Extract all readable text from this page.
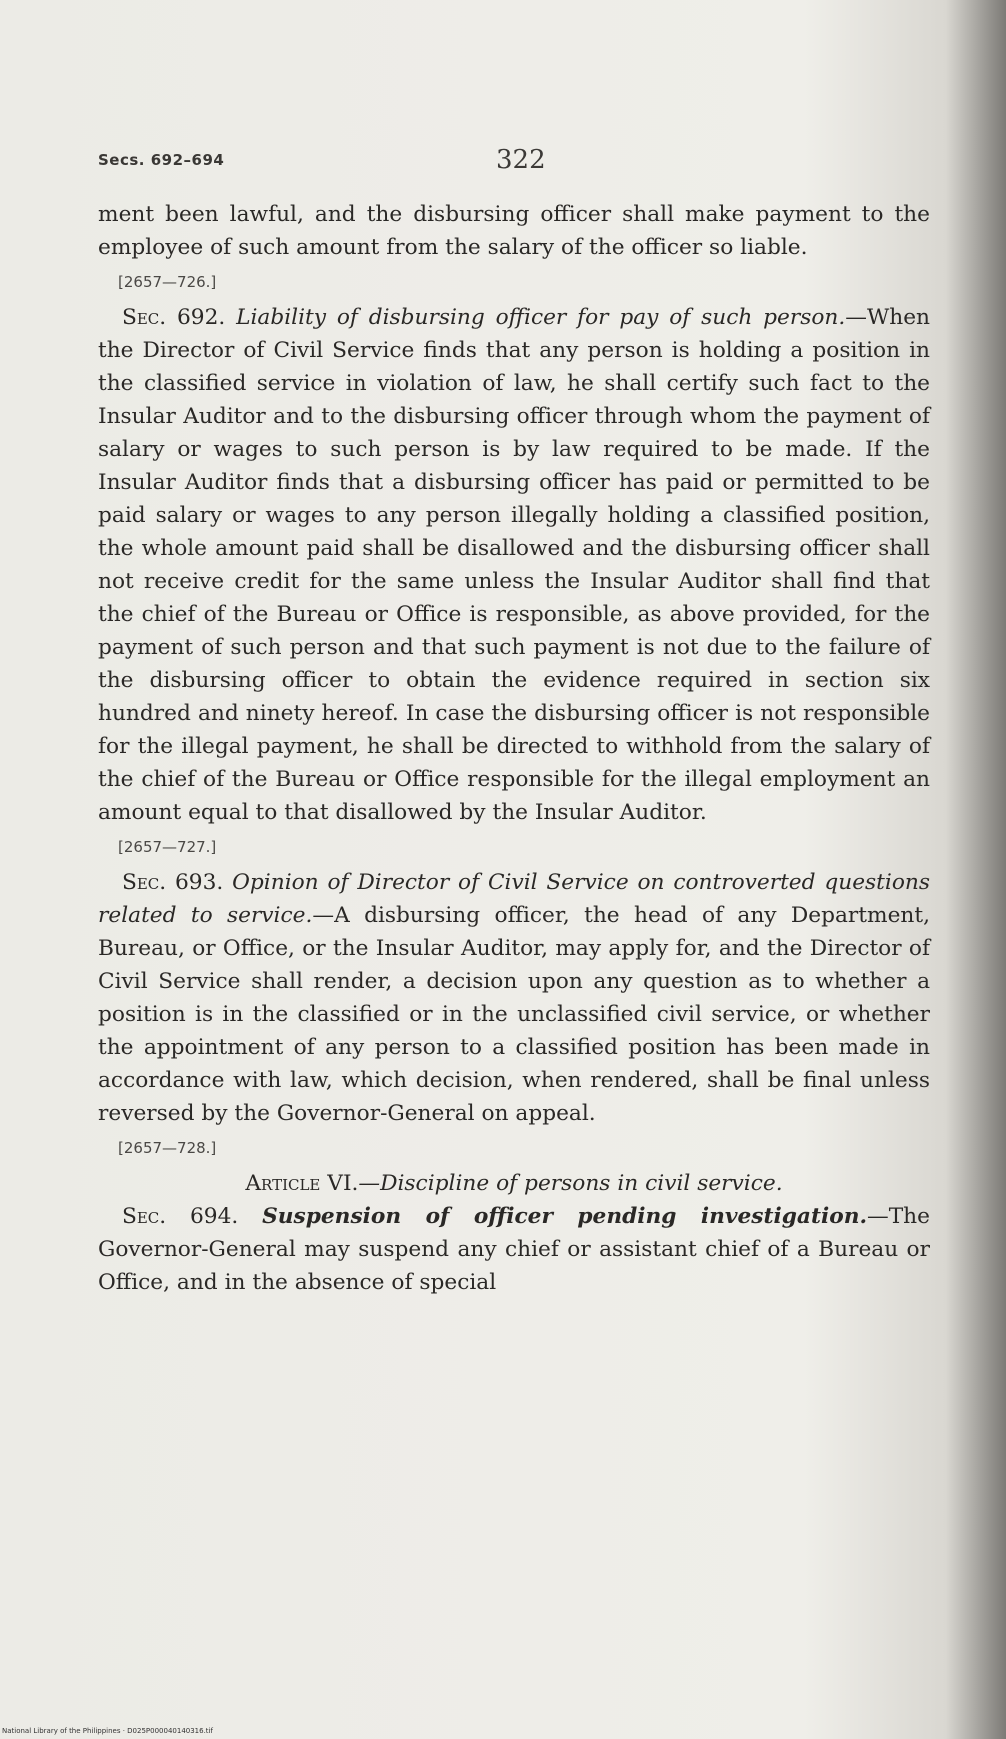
Secs. 692–694	322

ment been lawful, and the disbursing officer shall make payment to the employee of such amount from the salary of the officer so liable.

[2657—726.]

Sec. 692. Liability of disbursing officer for pay of such person.—When the Director of Civil Service finds that any person is holding a position in the classified service in violation of law, he shall certify such fact to the Insular Auditor and to the disbursing officer through whom the payment of salary or wages to such person is by law required to be made. If the Insular Auditor finds that a disbursing officer has paid or permitted to be paid salary or wages to any person illegally holding a classified position, the whole amount paid shall be disallowed and the disbursing officer shall not receive credit for the same unless the Insular Auditor shall find that the chief of the Bureau or Office is responsible, as above provided, for the payment of such person and that such payment is not due to the failure of the disbursing officer to obtain the evidence required in section six hundred and ninety hereof. In case the disbursing officer is not responsible for the illegal payment, he shall be directed to withhold from the salary of the chief of the Bureau or Office responsible for the illegal employment an amount equal to that disallowed by the Insular Auditor.

[2657—727.]

Sec. 693. Opinion of Director of Civil Service on controverted questions related to service.—A disbursing officer, the head of any Department, Bureau, or Office, or the Insular Auditor, may apply for, and the Director of Civil Service shall render, a decision upon any question as to whether a position is in the classified or in the unclassified civil service, or whether the appointment of any person to a classified position has been made in accordance with law, which decision, when rendered, shall be final unless reversed by the Governor-General on appeal.

[2657—728.]

Article VI.—Discipline of persons in civil service.

Sec. 694. Suspension of officer pending investigation.—The Governor-General may suspend any chief or assistant chief of a Bureau or Office, and in the absence of special

National Library of the Philippines · D025P000040140316.tif
